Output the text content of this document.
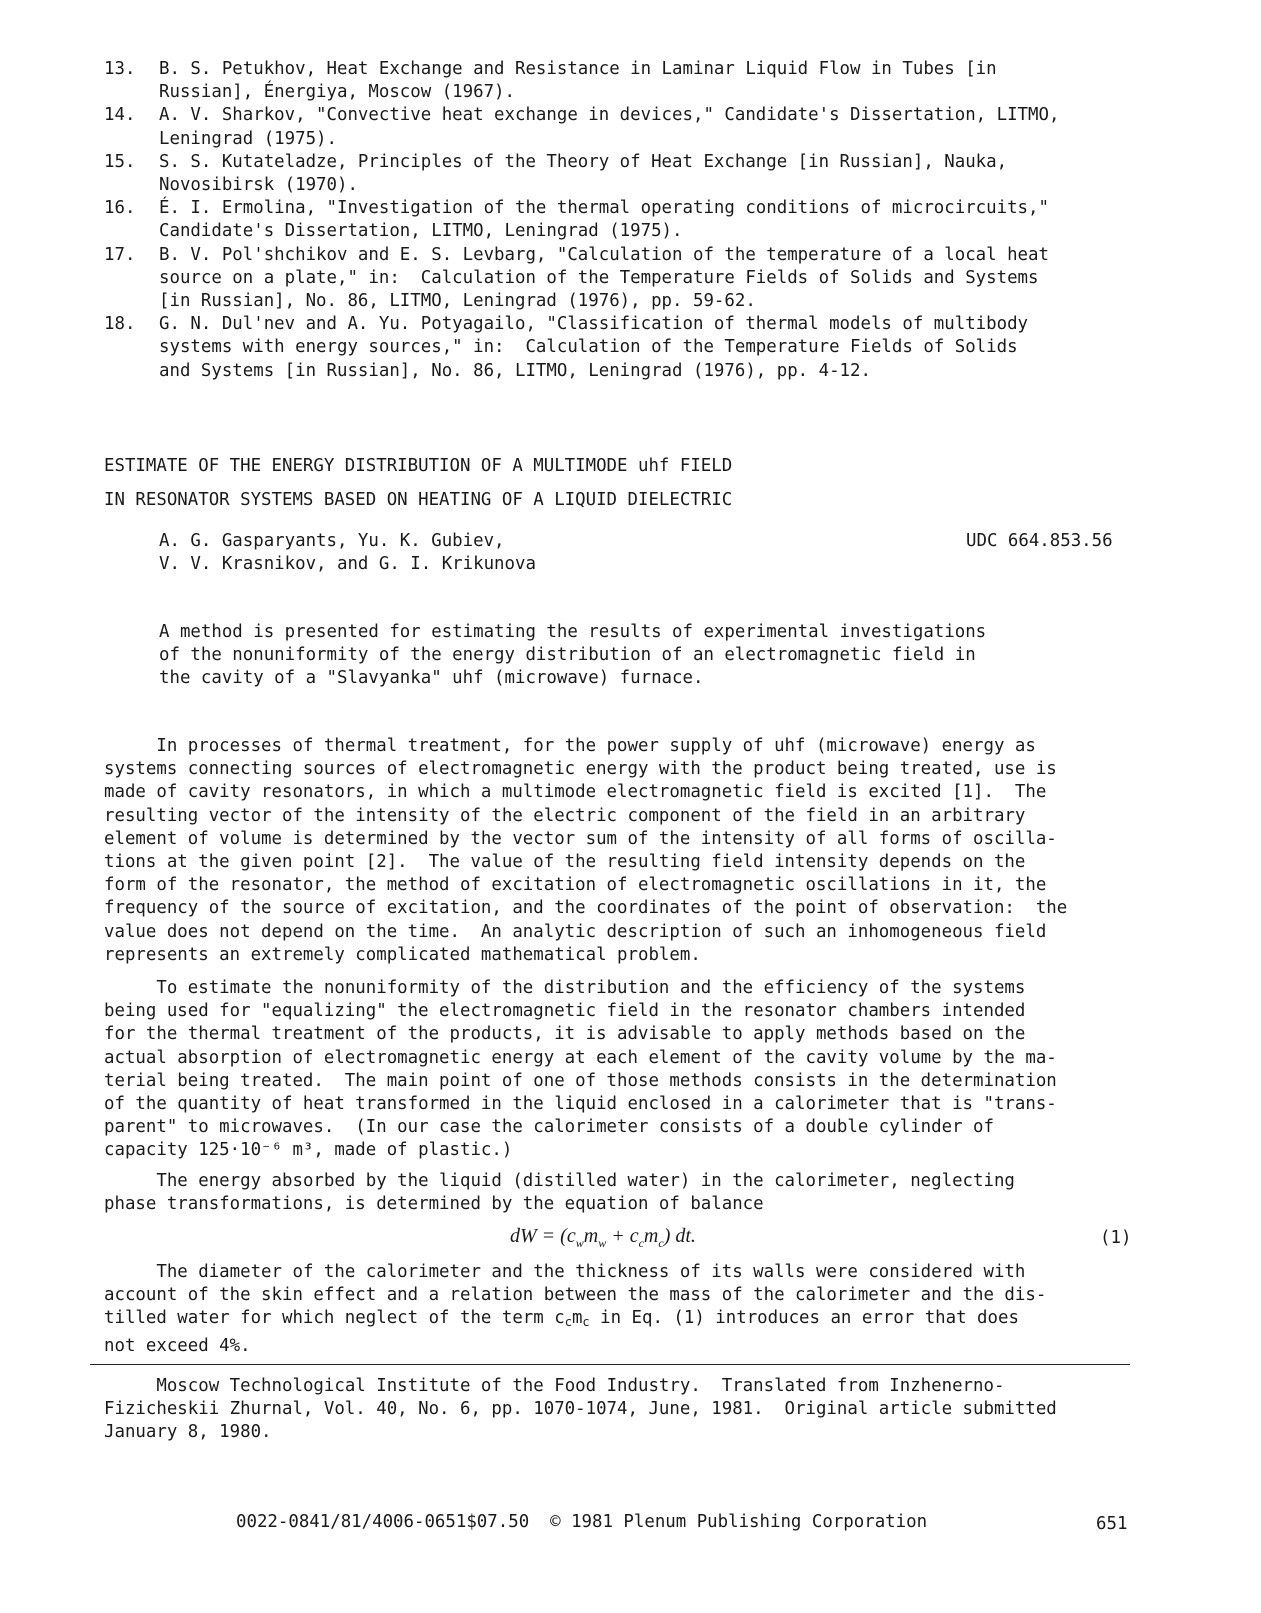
13.	B. S. Petukhov, Heat Exchange and Resistance in Laminar Liquid Flow in Tubes [in
Russian], Énergiya, Moscow (1967).
14.	A. V. Sharkov, "Convective heat exchange in devices," Candidate's Dissertation, LITMO,
Leningrad (1975).
15.	S. S. Kutateladze, Principles of the Theory of Heat Exchange [in Russian], Nauka,
Novosibirsk (1970).
16.	É. I. Ermolina, "Investigation of the thermal operating conditions of microcircuits,"
Candidate's Dissertation, LITMO, Leningrad (1975).
17.	B. V. Pol'shchikov and E. S. Levbarg, "Calculation of the temperature of a local heat
source on a plate," in:  Calculation of the Temperature Fields of Solids and Systems
[in Russian], No. 86, LITMO, Leningrad (1976), pp. 59-62.
18.	G. N. Dul'nev and A. Yu. Potyagailo, "Classification of thermal models of multibody
systems with energy sources," in:  Calculation of the Temperature Fields of Solids
and Systems [in Russian], No. 86, LITMO, Leningrad (1976), pp. 4-12.
ESTIMATE OF THE ENERGY DISTRIBUTION OF A MULTIMODE uhf FIELD
IN RESONATOR SYSTEMS BASED ON HEATING OF A LIQUID DIELECTRIC
A. G. Gasparyants, Yu. K. Gubiev,
V. V. Krasnikov, and G. I. Krikunova
UDC 664.853.56
A method is presented for estimating the results of experimental investigations
of the nonuniformity of the energy distribution of an electromagnetic field in
the cavity of a "Slavyanka" uhf (microwave) furnace.
In processes of thermal treatment, for the power supply of uhf (microwave) energy as
systems connecting sources of electromagnetic energy with the product being treated, use is
made of cavity resonators, in which a multimode electromagnetic field is excited [1].  The
resulting vector of the intensity of the electric component of the field in an arbitrary
element of volume is determined by the vector sum of the intensity of all forms of oscilla-
tions at the given point [2].  The value of the resulting field intensity depends on the
form of the resonator, the method of excitation of electromagnetic oscillations in it, the
frequency of the source of excitation, and the coordinates of the point of observation:  the
value does not depend on the time.  An analytic description of such an inhomogeneous field
represents an extremely complicated mathematical problem.
To estimate the nonuniformity of the distribution and the efficiency of the systems
being used for "equalizing" the electromagnetic field in the resonator chambers intended
for the thermal treatment of the products, it is advisable to apply methods based on the
actual absorption of electromagnetic energy at each element of the cavity volume by the ma-
terial being treated.  The main point of one of those methods consists in the determination
of the quantity of heat transformed in the liquid enclosed in a calorimeter that is "trans-
parent" to microwaves.  (In our case the calorimeter consists of a double cylinder of
capacity 125·10⁻⁶ m³, made of plastic.)
The energy absorbed by the liquid (distilled water) in the calorimeter, neglecting
phase transformations, is determined by the equation of balance
dW = $(c_wm_w + c_cm_c)$ dt.	(1)
The diameter of the calorimeter and the thickness of its walls were considered with
account of the skin effect and a relation between the mass of the calorimeter and the dis-
tilled water for which neglect of the term ccmc in Eq. (1) introduces an error that does
not exceed 4%.
Moscow Technological Institute of the Food Industry.  Translated from Inzhenerno-
Fizicheskii Zhurnal, Vol. 40, No. 6, pp. 1070-1074, June, 1981.  Original article submitted
January 8, 1980.
0022-0841/81/4006-0651$07.50 © 1981 Plenum Publishing Corporation	651
